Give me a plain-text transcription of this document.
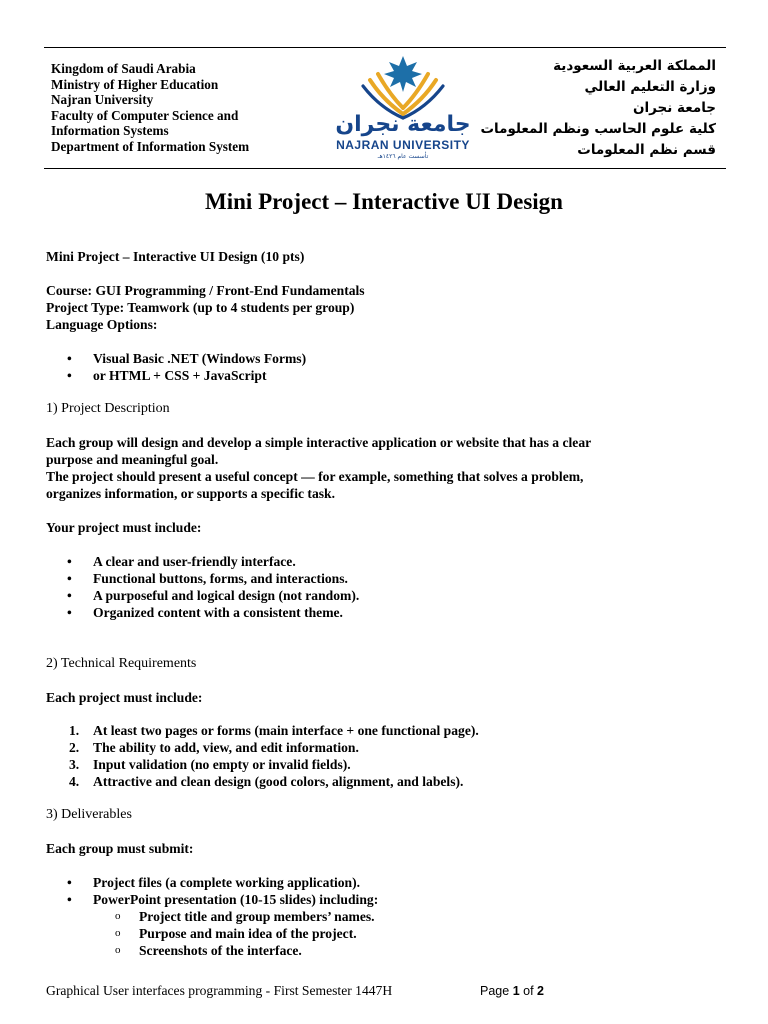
Kingdom of Saudi Arabia
Ministry of Higher Education
Najran University
Faculty of Computer Science and
Information Systems
Department of Information System
جامعة نجران
NAJRAN UNIVERSITY
تأسست عام ١٤٢٦هـ
المملكة العربية السعودية
وزارة التعليم العالي
جامعة نجران
كلية علوم الحاسب ونظم المعلومات
قسم نظم المعلومات
Mini Project – Interactive UI Design
Mini Project – Interactive UI Design (10 pts)
Course: GUI Programming / Front-End Fundamentals
Project Type: Teamwork (up to 4 students per group)
Language Options:
•	Visual Basic .NET (Windows Forms)
•	or HTML + CSS + JavaScript
1) Project Description
Each group will design and develop a simple interactive application or website that has a clear
purpose and meaningful goal.
The project should present a useful concept — for example, something that solves a problem,
organizes information, or supports a specific task.
Your project must include:
•	A clear and user-friendly interface.
•	Functional buttons, forms, and interactions.
•	A purposeful and logical design (not random).
•	Organized content with a consistent theme.
2) Technical Requirements
Each project must include:
1. At least two pages or forms (main interface + one functional page).
2. The ability to add, view, and edit information.
3. Input validation (no empty or invalid fields).
4. Attractive and clean design (good colors, alignment, and labels).
3) Deliverables
Each group must submit:
•	Project files (a complete working application).
•	PowerPoint presentation (10-15 slides) including:
o	Project title and group members’ names.
o	Purpose and main idea of the project.
o	Screenshots of the interface.
Graphical User interfaces programming - First Semester 1447H	Page 1 of 2
